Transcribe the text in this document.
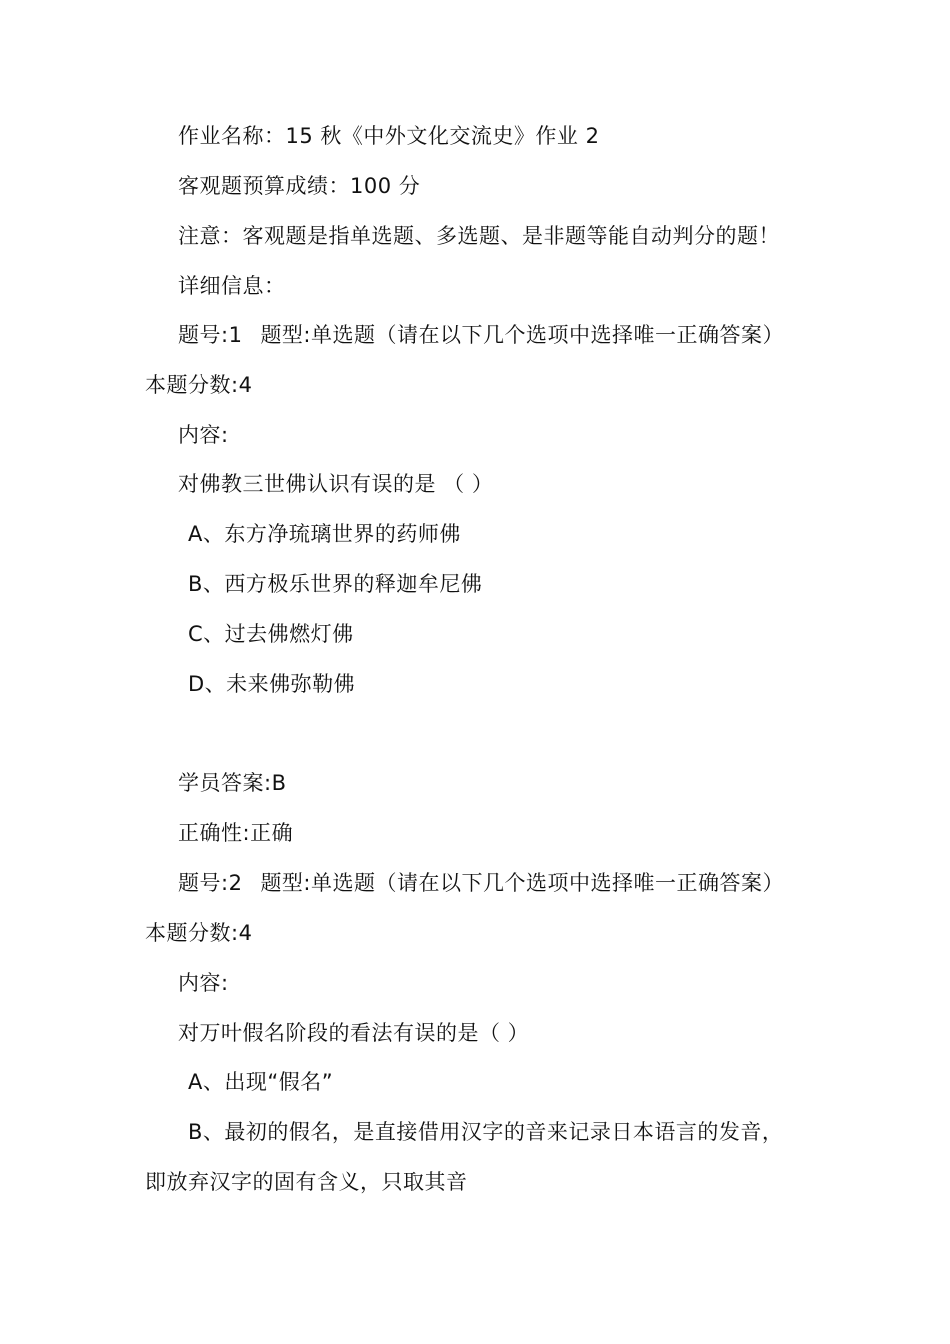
作业名称：15 秋《中外文化交流史》作业 2
客观题预算成绩：100 分
注意：客观题是指单选题、多选题、是非题等能自动判分的题！
详细信息：
题号:1 题型:单选题（请在以下几个选项中选择唯一正确答案）
本题分数:4
内容:
对佛教三世佛认识有误的是 （ ）
A、东方净琉璃世界的药师佛
B、西方极乐世界的释迦牟尼佛
C、过去佛燃灯佛
D、未来佛弥勒佛
学员答案:B
正确性:正确
题号:2 题型:单选题（请在以下几个选项中选择唯一正确答案）
本题分数:4
内容:
对万叶假名阶段的看法有误的是（ ）
A、出现“假名”
B、最初的假名，是直接借用汉字的音来记录日本语言的发音，
即放弃汉字的固有含义，只取其音
